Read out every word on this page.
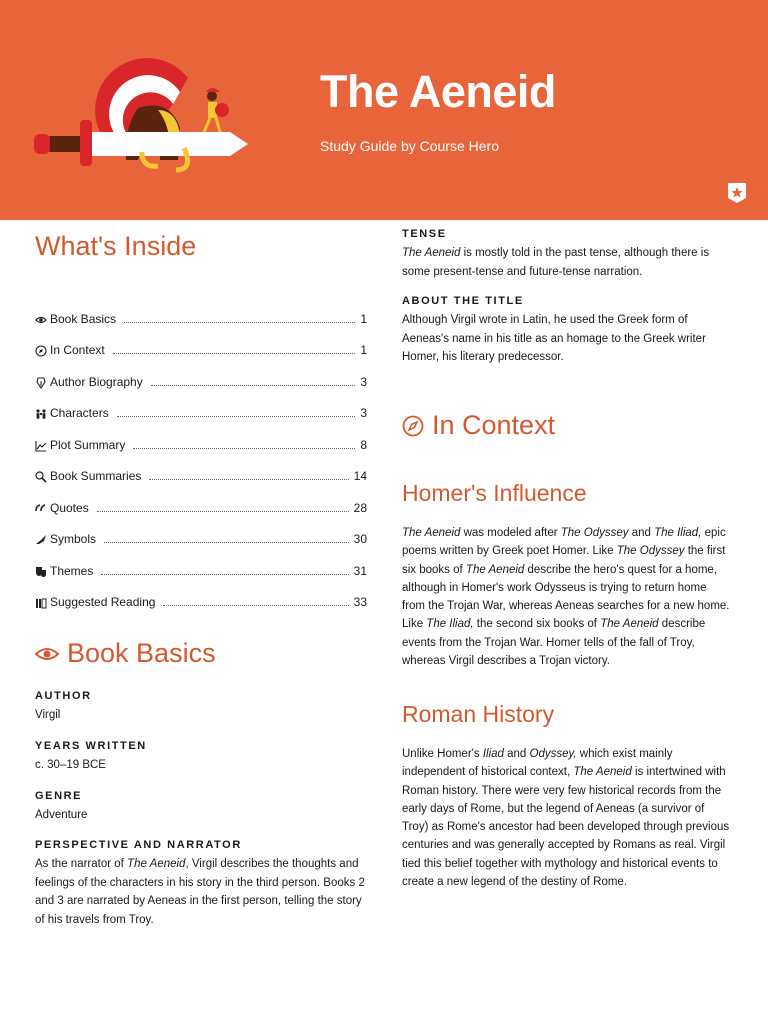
The Aeneid
Study Guide by Course Hero
What's Inside
Book Basics	1
In Context	1
Author Biography	3
Characters	3
Plot Summary	8
Book Summaries	14
Quotes	28
Symbols	30
Themes	31
Suggested Reading	33
Book Basics
AUTHOR
Virgil
YEARS WRITTEN
c. 30–19 BCE
GENRE
Adventure
PERSPECTIVE AND NARRATOR
As the narrator of The Aeneid, Virgil describes the thoughts and feelings of the characters in his story in the third person. Books 2 and 3 are narrated by Aeneas in the first person, telling the story of his travels from Troy.
TENSE
The Aeneid is mostly told in the past tense, although there is some present-tense and future-tense narration.
ABOUT THE TITLE
Although Virgil wrote in Latin, he used the Greek form of Aeneas's name in his title as an homage to the Greek writer Homer, his literary predecessor.
In Context
Homer's Influence
The Aeneid was modeled after The Odyssey and The Iliad, epic poems written by Greek poet Homer. Like The Odyssey the first six books of The Aeneid describe the hero's quest for a home, although in Homer's work Odysseus is trying to return home from the Trojan War, whereas Aeneas searches for a new home. Like The Iliad, the second six books of The Aeneid describe events from the Trojan War. Homer tells of the fall of Troy, whereas Virgil describes a Trojan victory.
Roman History
Unlike Homer's Iliad and Odyssey, which exist mainly independent of historical context, The Aeneid is intertwined with Roman history. There were very few historical records from the early days of Rome, but the legend of Aeneas (a survivor of Troy) as Rome's ancestor had been developed through previous centuries and was generally accepted by Romans as real. Virgil tied this belief together with mythology and historical events to create a new legend of the destiny of Rome.
